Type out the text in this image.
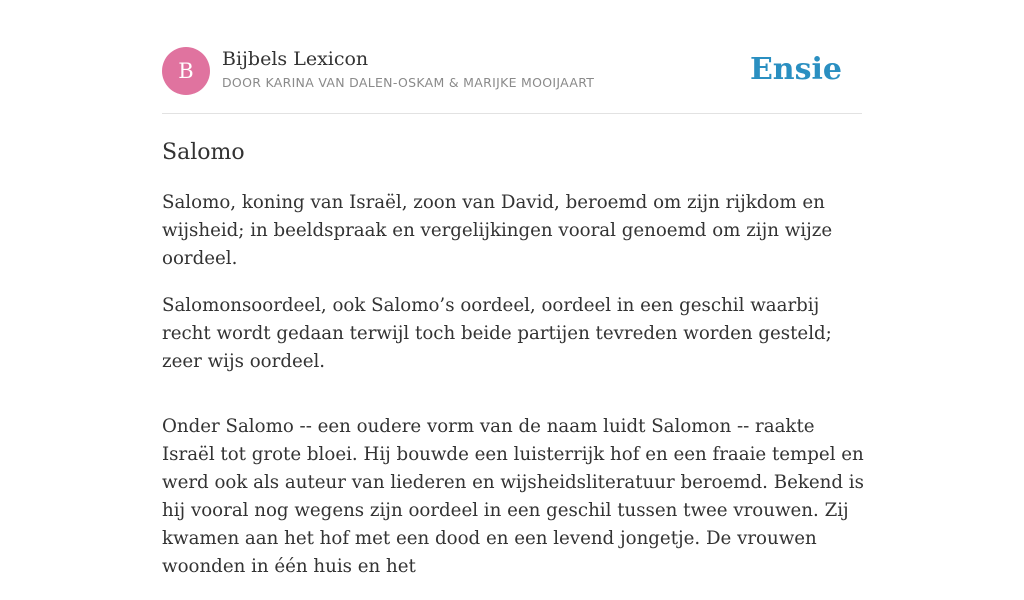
B	Bijbels Lexicon
DOOR KARINA VAN DALEN-OSKAM & MARIJKE MOOIJAART	Ensie
Salomo

Salomo, koning van Israël, zoon van David, beroemd om zijn rijkdom en wijsheid; in beeldspraak en vergelijkingen vooral genoemd om zijn wijze oordeel.

Salomonsoordeel, ook Salomo’s oordeel, oordeel in een geschil waarbij recht wordt gedaan terwijl toch beide partijen tevreden worden gesteld; zeer wijs oordeel.

Onder Salomo -- een oudere vorm van de naam luidt Salomon -- raakte Israël tot grote bloei. Hij bouwde een luisterrijk hof en een fraaie tempel en werd ook als auteur van liederen en wijsheidsliteratuur beroemd. Bekend is hij vooral nog wegens zijn oordeel in een geschil tussen twee vrouwen. Zij kwamen aan het hof met een dood en een levend jongetje. De vrouwen woonden in één huis en het
